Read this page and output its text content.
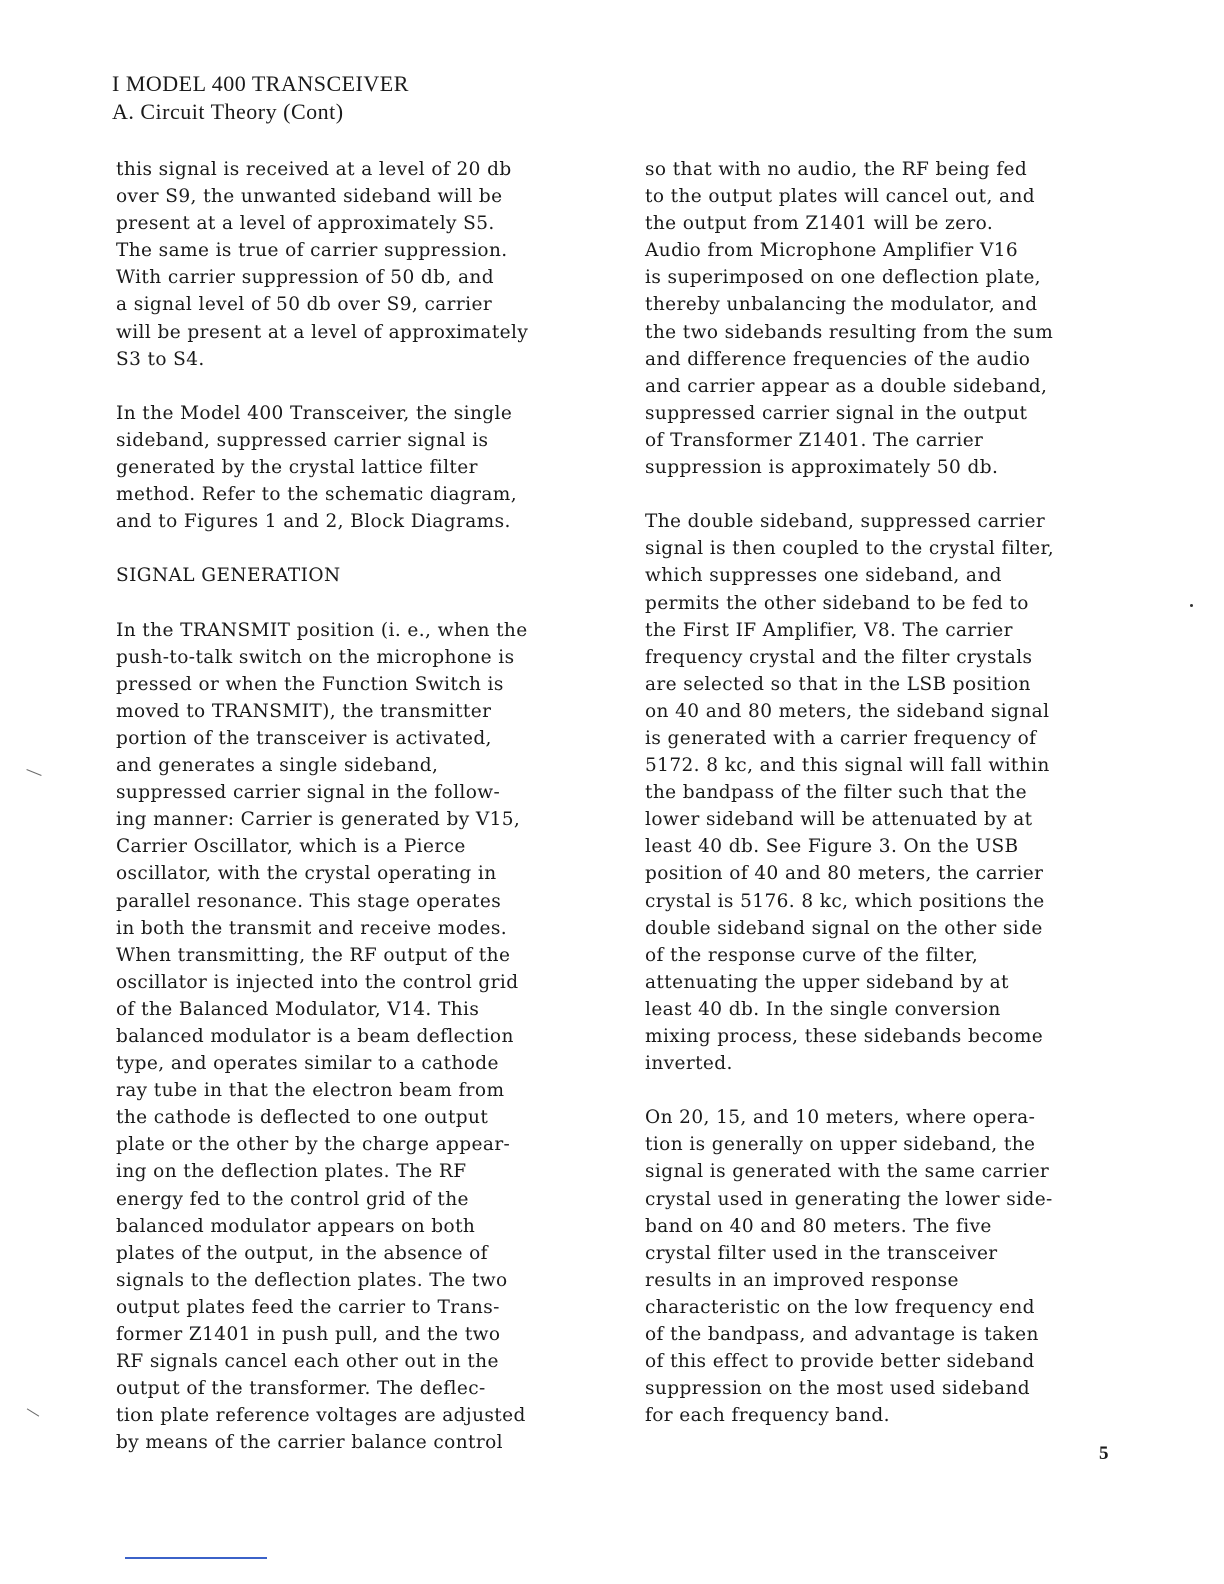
I MODEL 400 TRANSCEIVER
A. Circuit Theory (Cont)
this signal is received at a level of 20 db
over S9, the unwanted sideband will be
present at a level of approximately S5.
The same is true of carrier suppression.
With carrier suppression of 50 db, and
a signal level of 50 db over S9, carrier
will be present at a level of approximately
S3 to S4.
In the Model 400 Transceiver, the single
sideband, suppressed carrier signal is
generated by the crystal lattice filter
method. Refer to the schematic diagram,
and to Figures 1 and 2, Block Diagrams.
SIGNAL GENERATION
In the TRANSMIT position (i. e., when the
push-to-talk switch on the microphone is
pressed or when the Function Switch is
moved to TRANSMIT), the transmitter
portion of the transceiver is activated,
and generates a single sideband,
suppressed carrier signal in the follow-
ing manner: Carrier is generated by V15,
Carrier Oscillator, which is a Pierce
oscillator, with the crystal operating in
parallel resonance. This stage operates
in both the transmit and receive modes.
When transmitting, the RF output of the
oscillator is injected into the control grid
of the Balanced Modulator, V14. This
balanced modulator is a beam deflection
type, and operates similar to a cathode
ray tube in that the electron beam from
the cathode is deflected to one output
plate or the other by the charge appear-
ing on the deflection plates. The RF
energy fed to the control grid of the
balanced modulator appears on both
plates of the output, in the absence of
signals to the deflection plates. The two
output plates feed the carrier to Trans-
former Z1401 in push pull, and the two
RF signals cancel each other out in the
output of the transformer. The deflec-
tion plate reference voltages are adjusted
by means of the carrier balance control
so that with no audio, the RF being fed
to the output plates will cancel out, and
the output from Z1401 will be zero.
Audio from Microphone Amplifier V16
is superimposed on one deflection plate,
thereby unbalancing the modulator, and
the two sidebands resulting from the sum
and difference frequencies of the audio
and carrier appear as a double sideband,
suppressed carrier signal in the output
of Transformer Z1401. The carrier
suppression is approximately 50 db.
The double sideband, suppressed carrier
signal is then coupled to the crystal filter,
which suppresses one sideband, and
permits the other sideband to be fed to
the First IF Amplifier, V8. The carrier
frequency crystal and the filter crystals
are selected so that in the LSB position
on 40 and 80 meters, the sideband signal
is generated with a carrier frequency of
5172. 8 kc, and this signal will fall within
the bandpass of the filter such that the
lower sideband will be attenuated by at
least 40 db. See Figure 3. On the USB
position of 40 and 80 meters, the carrier
crystal is 5176. 8 kc, which positions the
double sideband signal on the other side
of the response curve of the filter,
attenuating the upper sideband by at
least 40 db. In the single conversion
mixing process, these sidebands become
inverted.
On 20, 15, and 10 meters, where opera-
tion is generally on upper sideband, the
signal is generated with the same carrier
crystal used in generating the lower side-
band on 40 and 80 meters. The five
crystal filter used in the transceiver
results in an improved response
characteristic on the low frequency end
of the bandpass, and advantage is taken
of this effect to provide better sideband
suppression on the most used sideband
for each frequency band.
5
